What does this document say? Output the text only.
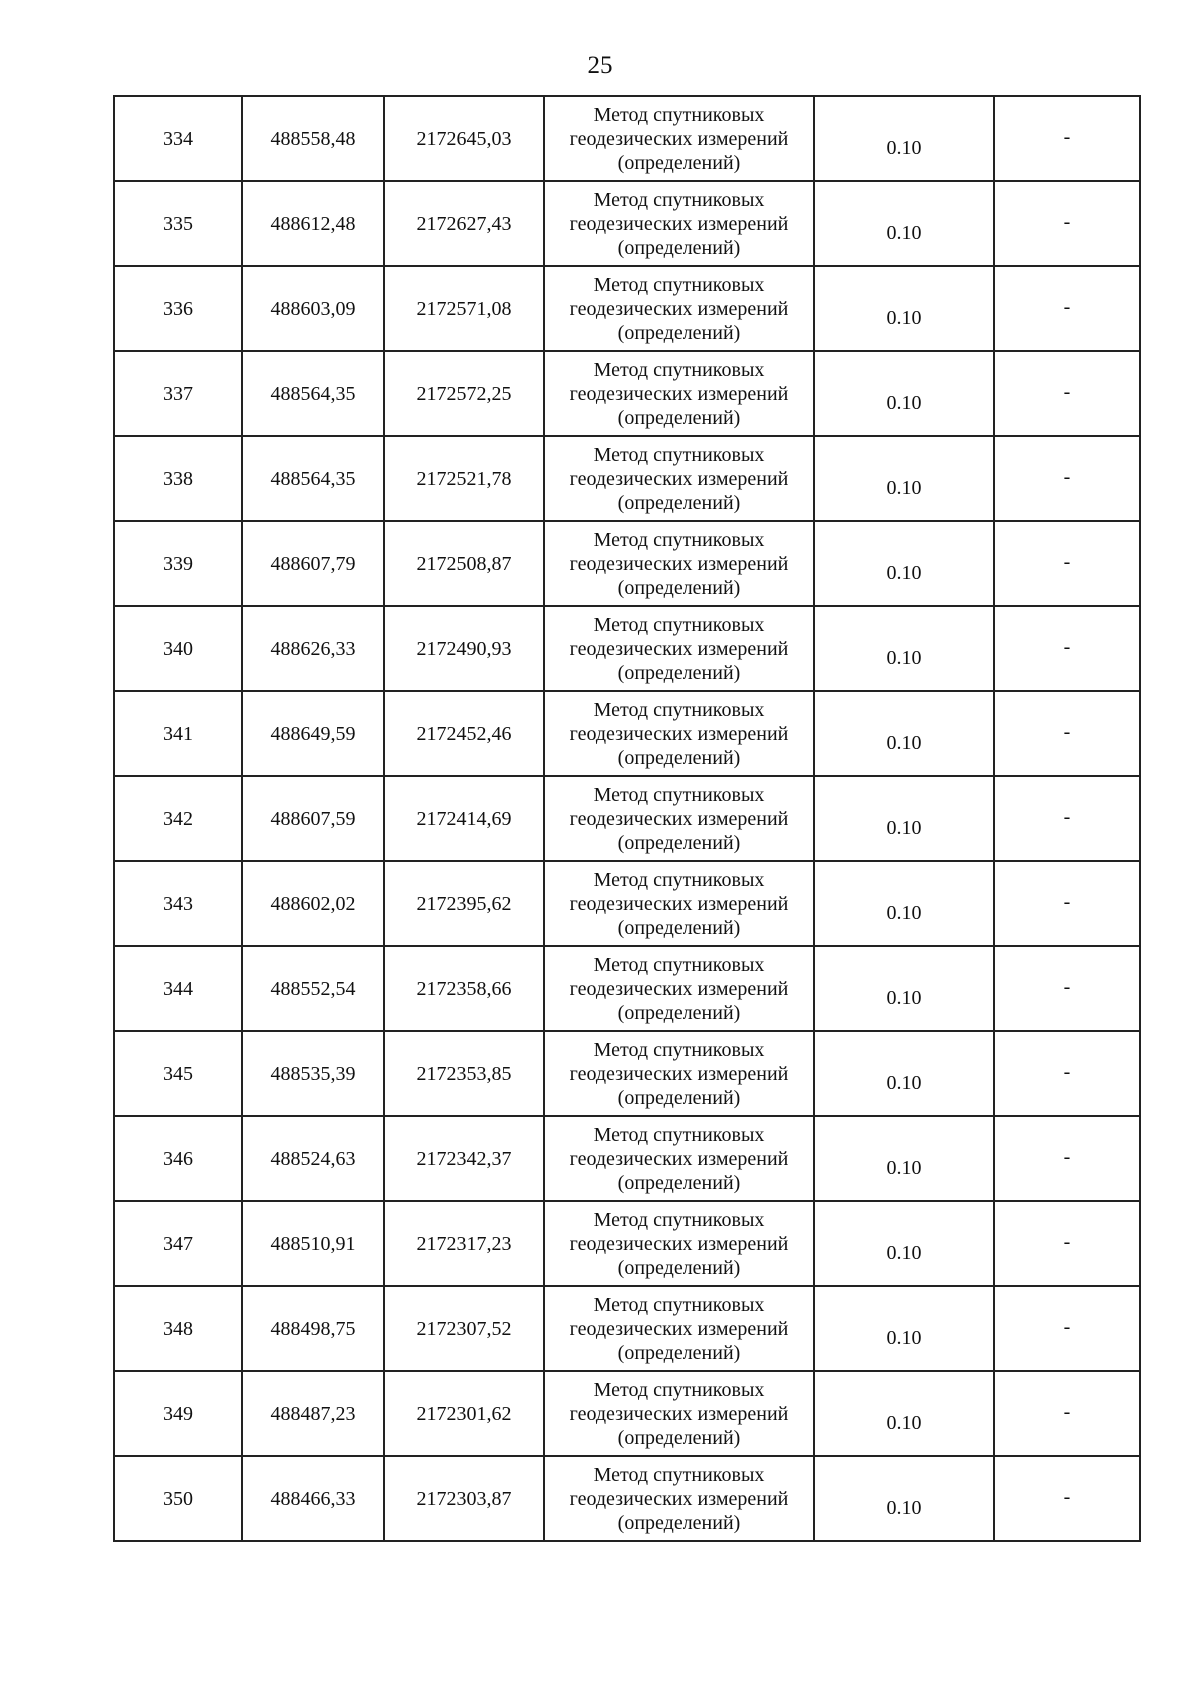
25
334	488558,48	2172645,03	Метод спутниковых геодезических измерений (определений)	0.10	-

335	488612,48	2172627,43	Метод спутниковых геодезических измерений (определений)	0.10	-

336	488603,09	2172571,08	Метод спутниковых геодезических измерений (определений)	0.10	-

337	488564,35	2172572,25	Метод спутниковых геодезических измерений (определений)	0.10	-

338	488564,35	2172521,78	Метод спутниковых геодезических измерений (определений)	0.10	-

339	488607,79	2172508,87	Метод спутниковых геодезических измерений (определений)	0.10	-

340	488626,33	2172490,93	Метод спутниковых геодезических измерений (определений)	0.10	-

341	488649,59	2172452,46	Метод спутниковых геодезических измерений (определений)	0.10	-

342	488607,59	2172414,69	Метод спутниковых геодезических измерений (определений)	0.10	-

343	488602,02	2172395,62	Метод спутниковых геодезических измерений (определений)	0.10	-

344	488552,54	2172358,66	Метод спутниковых геодезических измерений (определений)	0.10	-

345	488535,39	2172353,85	Метод спутниковых геодезических измерений (определений)	0.10	-

346	488524,63	2172342,37	Метод спутниковых геодезических измерений (определений)	0.10	-

347	488510,91	2172317,23	Метод спутниковых геодезических измерений (определений)	0.10	-

348	488498,75	2172307,52	Метод спутниковых геодезических измерений (определений)	0.10	-

349	488487,23	2172301,62	Метод спутниковых геодезических измерений (определений)	0.10	-

350	488466,33	2172303,87	Метод спутниковых геодезических измерений (определений)	0.10	-
